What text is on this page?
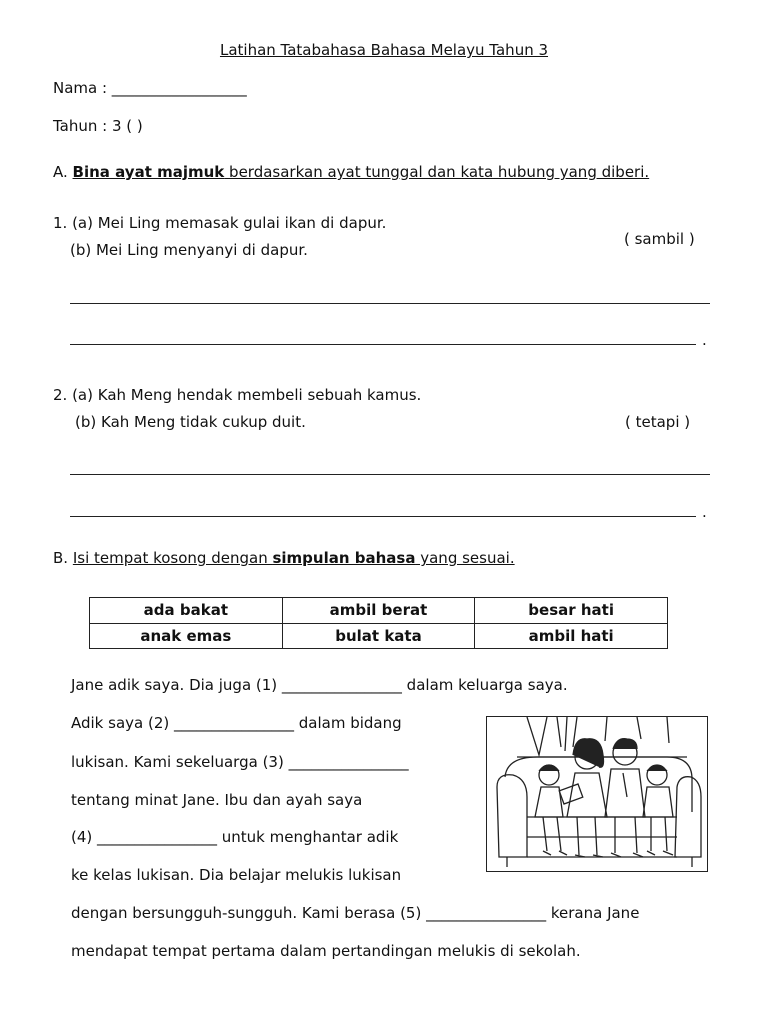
Latihan Tatabahasa Bahasa Melayu Tahun 3
Nama : __________________
Tahun : 3 ( )
A. Bina ayat majmuk berdasarkan ayat tunggal dan kata hubung yang diberi.
1. (a) Mei Ling memasak gulai ikan di dapur.
(b) Mei Ling menyanyi di dapur.
( sambil )
.
2. (a) Kah Meng hendak membeli sebuah kamus.
(b) Kah Meng tidak cukup duit.	( tetapi )
.
B. Isi tempat kosong dengan simpulan bahasa yang sesuai.
ada bakat	ambil berat	besar hati
anak emas	bulat kata	ambil hati
Jane adik saya. Dia juga (1) ________________ dalam keluarga saya.
Adik saya (2) ________________ dalam bidang
lukisan. Kami sekeluarga (3) ________________
tentang minat Jane. Ibu dan ayah saya
(4) ________________ untuk menghantar adik
ke kelas lukisan. Dia belajar melukis lukisan
dengan bersungguh-sungguh. Kami berasa (5) ________________ kerana Jane
mendapat tempat pertama dalam pertandingan melukis di sekolah.
